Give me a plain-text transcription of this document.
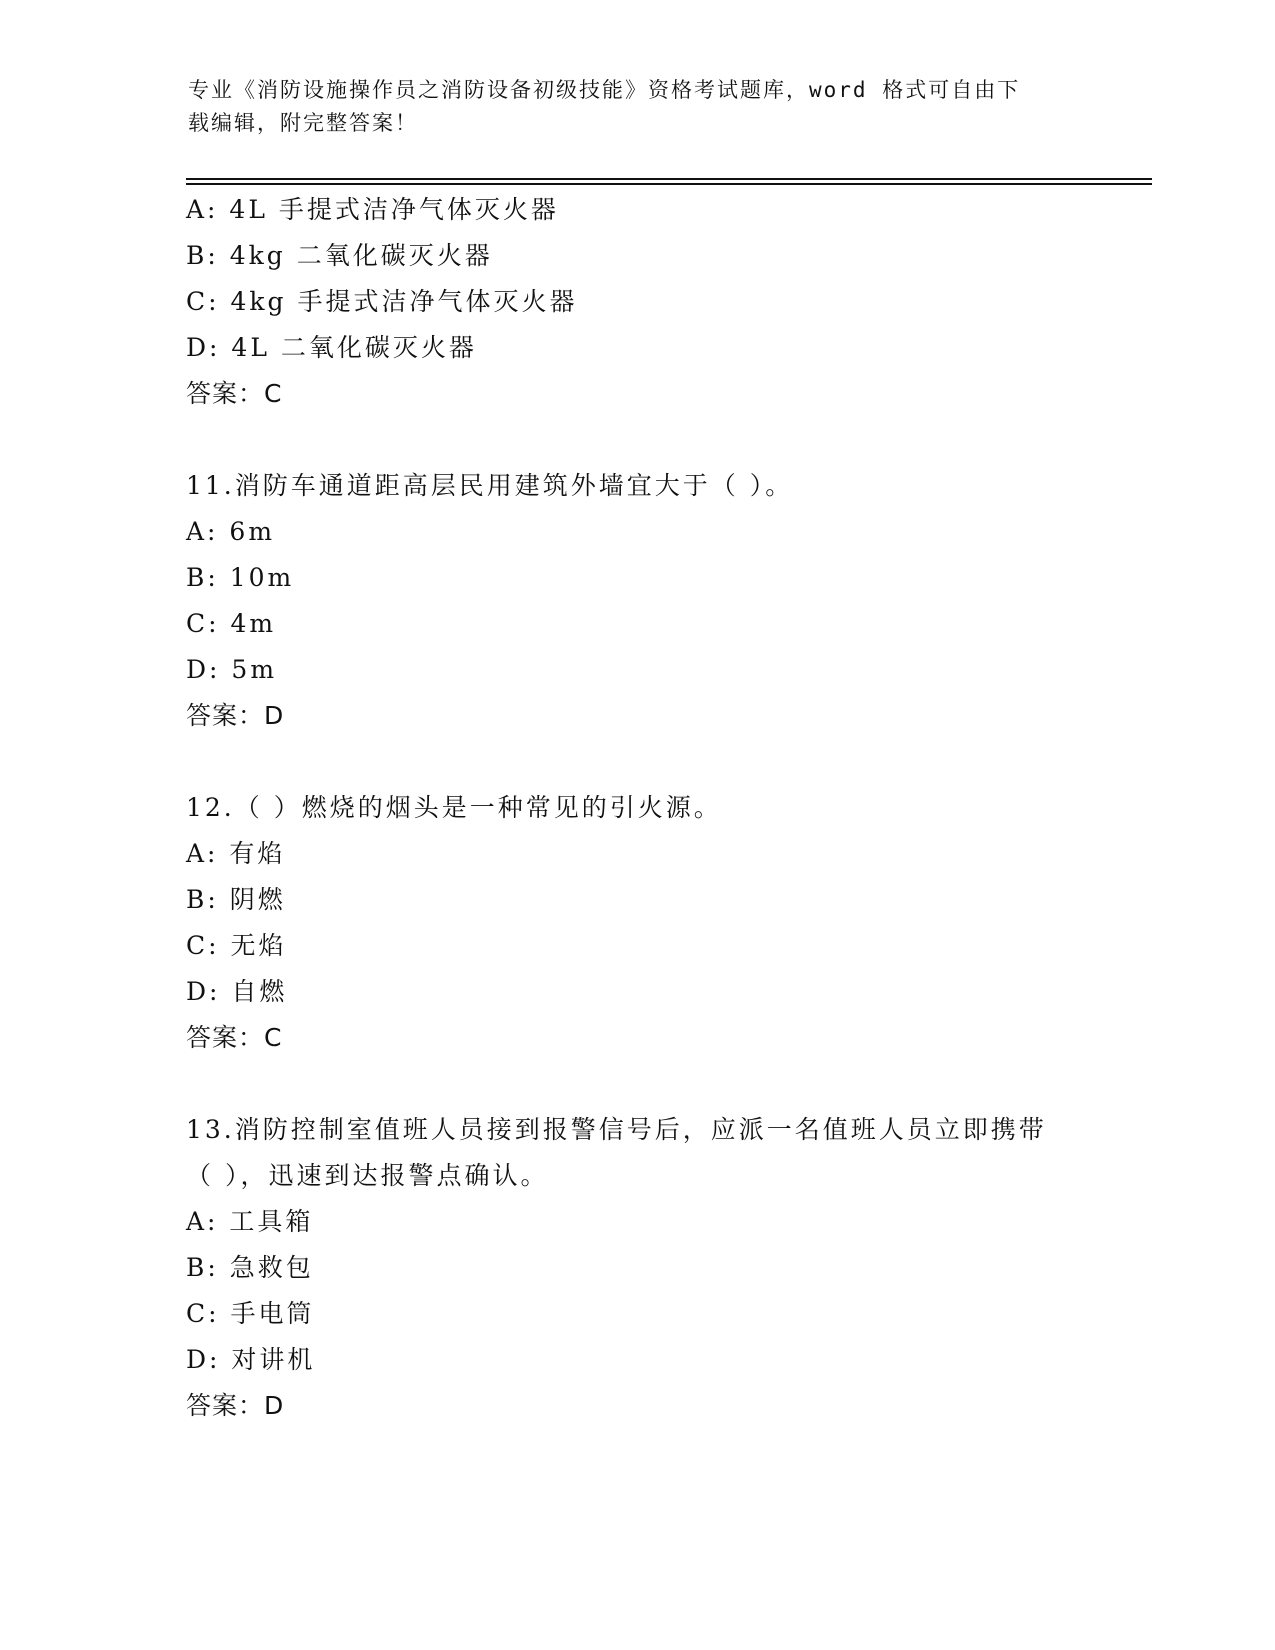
专业《消防设施操作员之消防设备初级技能》资格考试题库，word 格式可自由下
载编辑，附完整答案！
A: 4L 手提式洁净气体灭火器
B: 4kg 二氧化碳灭火器
C: 4kg 手提式洁净气体灭火器
D: 4L 二氧化碳灭火器
答案：C
11.消防车通道距高层民用建筑外墙宜大于（ ）。
A: 6m
B: 10m
C: 4m
D: 5m
答案：D
12.（ ）燃烧的烟头是一种常见的引火源。
A: 有焰
B: 阴燃
C: 无焰
D: 自燃
答案：C
13.消防控制室值班人员接到报警信号后，应派一名值班人员立即携带
（ ），迅速到达报警点确认。
A: 工具箱
B: 急救包
C: 手电筒
D: 对讲机
答案：D
